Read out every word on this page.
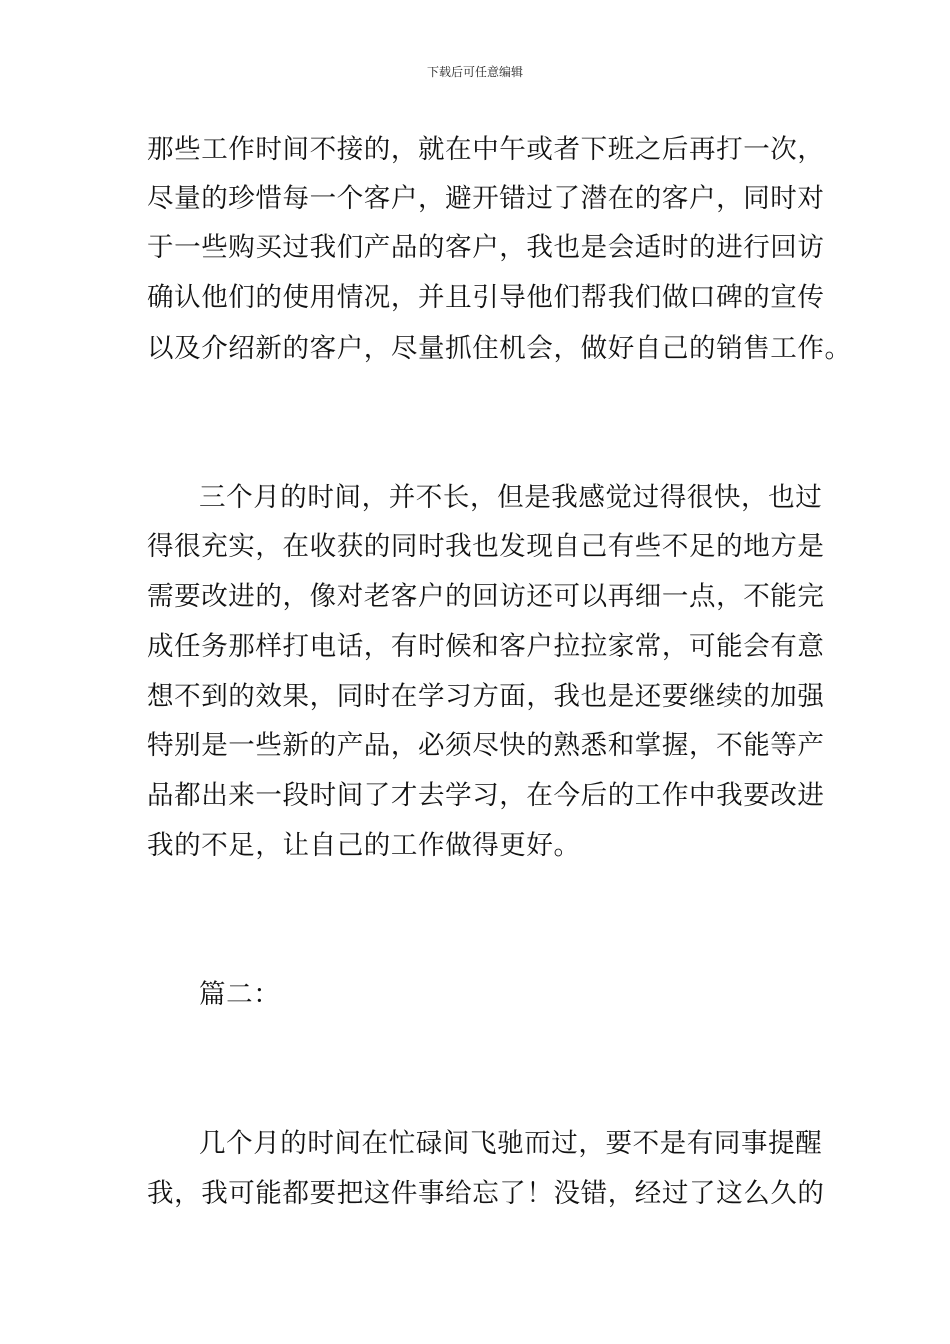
下载后可任意编辑
那些工作时间不接的，就在中午或者下班之后再打一次，
尽量的珍惜每一个客户，避开错过了潜在的客户，同时对
于一些购买过我们产品的客户，我也是会适时的进行回访
确认他们的使用情况，并且引导他们帮我们做口碑的宣传
以及介绍新的客户，尽量抓住机会，做好自己的销售工作。
三个月的时间，并不长，但是我感觉过得很快，也过
得很充实，在收获的同时我也发现自己有些不足的地方是
需要改进的，像对老客户的回访还可以再细一点，不能完
成任务那样打电话，有时候和客户拉拉家常，可能会有意
想不到的效果，同时在学习方面，我也是还要继续的加强
特别是一些新的产品，必须尽快的熟悉和掌握，不能等产
品都出来一段时间了才去学习，在今后的工作中我要改进
我的不足，让自己的工作做得更好。
篇二：
几个月的时间在忙碌间飞驰而过，要不是有同事提醒
我，我可能都要把这件事给忘了！没错，经过了这么久的
